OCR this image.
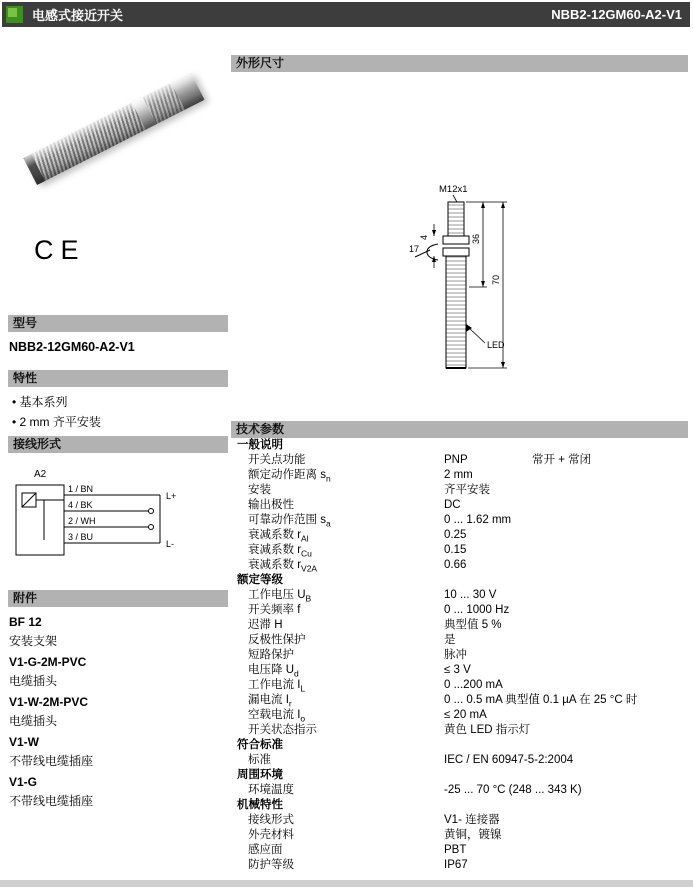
电感式接近开关	NBB2-12GM60-A2-V1
CE
型号
NBB2-12GM60-A2-V1
特性
• 基本系列
• 2 mm 齐平安装
接线形式
A2
1 / BN
4 / BK
2 / WH
3 / BU
L+
L-
附件
BF 12
安装支架
V1-G-2M-PVC
电缆插头
V1-W-2M-PVC
电缆插头
V1-W
不带线电缆插座
V1-G
不带线电缆插座
外形尺寸
M12x1
LED
4
17
36
70
技术参数
一般说明
开关点功能	PNP	常开 + 常闭
额定动作距离 $s_n$	2 mm
安装	齐平安装
输出极性	DC
可靠动作范围 $s_a$	0 ... 1.62 mm
衰减系数 $r_{Al}$	0.25
衰减系数 $r_{Cu}$	0.15
衰减系数 $r_{V2A}$	0.66
额定等级
工作电压 $U_B$	10 ... 30 V
开关频率 f	0 ... 1000 Hz
迟滞 H	典型值 5 %
反极性保护	是
短路保护	脉冲
电压降 $U_d$	≤ 3 V
工作电流 $I_L$	0 ...200 mA
漏电流 $I_r$	0 ... 0.5 mA 典型值 0.1 µA 在 25 °C 时
空载电流 $I_o$	≤ 20 mA
开关状态指示	黄色 LED 指示灯
符合标准
标准	IEC / EN 60947-5-2:2004
周围环境
环境温度	-25 ... 70 °C (248 ... 343 K)
机械特性
接线形式	V1- 连接器
外壳材料	黄铜，镀镍
感应面	PBT
防护等级	IP67
